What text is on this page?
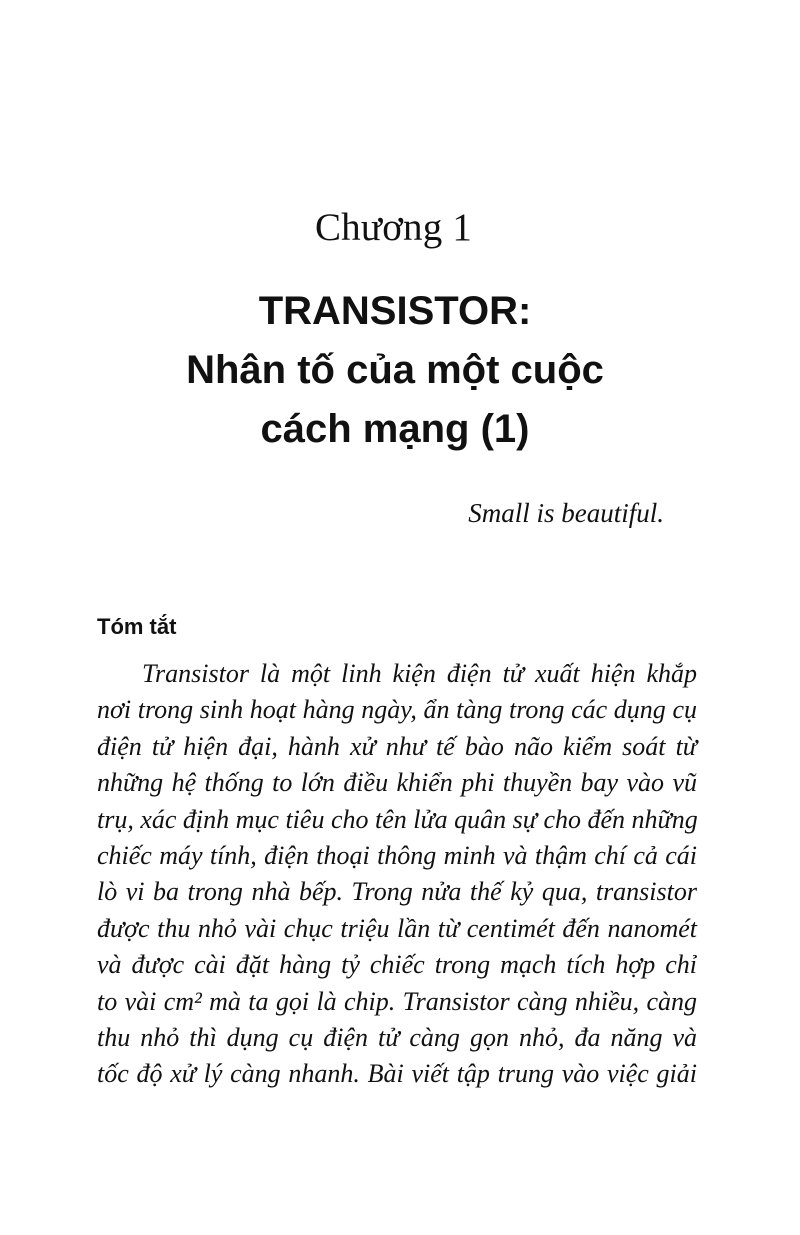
Chương 1
TRANSISTOR:
Nhân tố của một cuộc
cách mạng (1)
Small is beautiful.
Tóm tắt
Transistor là một linh kiện điện tử xuất hiện khắp
nơi trong sinh hoạt hàng ngày, ẩn tàng trong các dụng cụ
điện tử hiện đại, hành xử như tế bào não kiểm soát từ
những hệ thống to lớn điều khiển phi thuyền bay vào vũ
trụ, xác định mục tiêu cho tên lửa quân sự cho đến những
chiếc máy tính, điện thoại thông minh và thậm chí cả cái
lò vi ba trong nhà bếp. Trong nửa thế kỷ qua, transistor
được thu nhỏ vài chục triệu lần từ centimét đến nanomét
và được cài đặt hàng tỷ chiếc trong mạch tích hợp chỉ
to vài cm² mà ta gọi là chip. Transistor càng nhiều, càng
thu nhỏ thì dụng cụ điện tử càng gọn nhỏ, đa năng và
tốc độ xử lý càng nhanh. Bài viết tập trung vào việc giải
